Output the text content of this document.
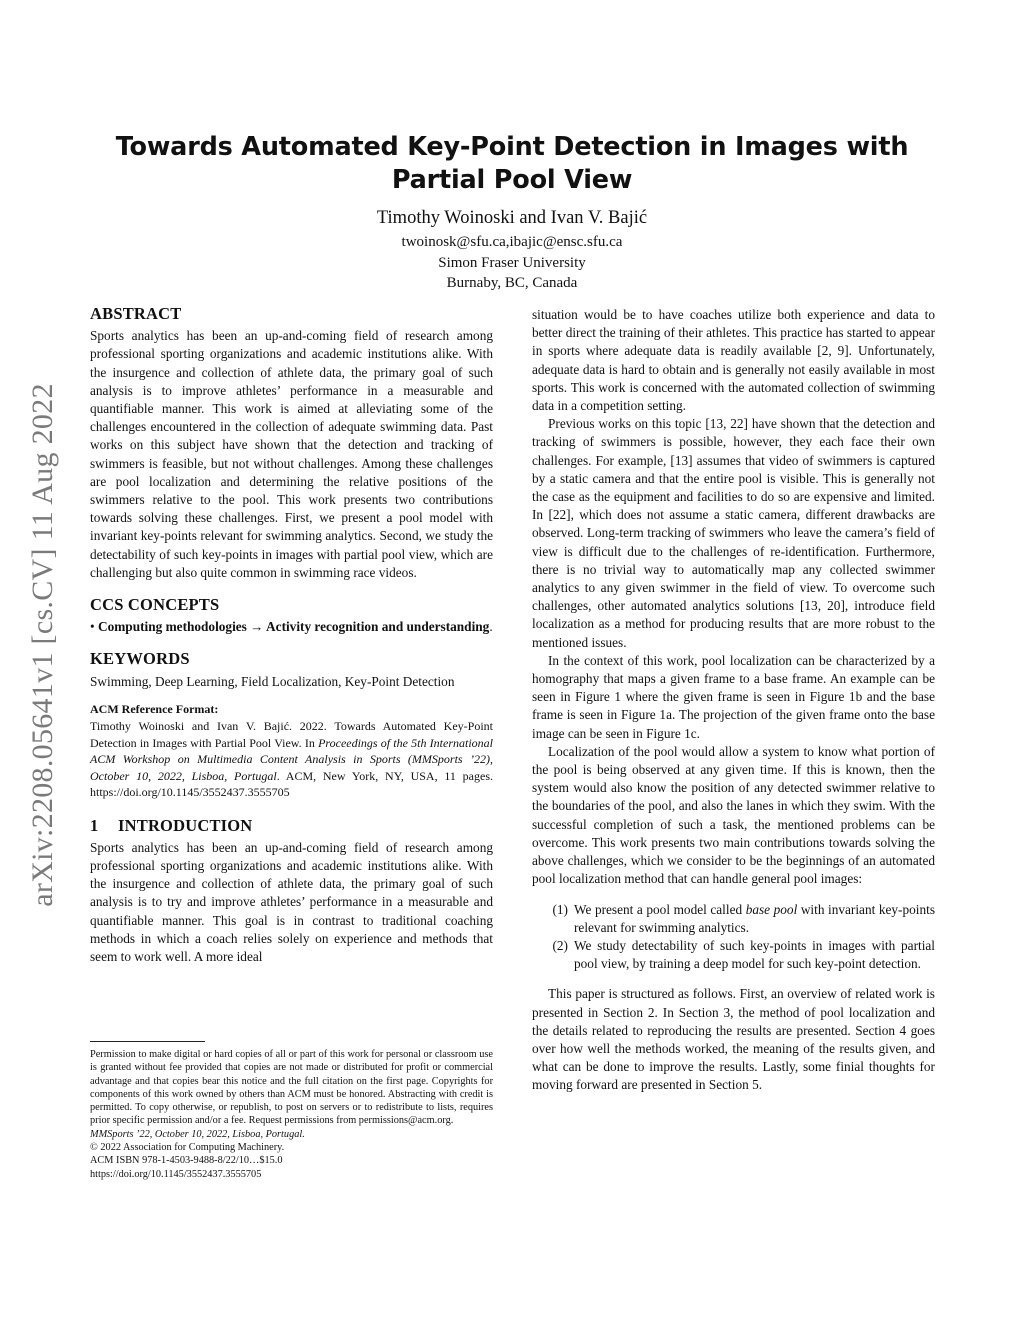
arXiv:2208.05641v1 [cs.CV] 11 Aug 2022
Towards Automated Key-Point Detection in Images with Partial Pool View
Timothy Woinoski and Ivan V. Bajić
twoinosk@sfu.ca,ibajic@ensc.sfu.ca
Simon Fraser University
Burnaby, BC, Canada
ABSTRACT

Sports analytics has been an up-and-coming field of research among professional sporting organizations and academic institutions alike. With the insurgence and collection of athlete data, the primary goal of such analysis is to improve athletes’ performance in a measurable and quantifiable manner. This work is aimed at alleviating some of the challenges encountered in the collection of adequate swimming data. Past works on this subject have shown that the detection and tracking of swimmers is feasible, but not without challenges. Among these challenges are pool localization and determining the relative positions of the swimmers relative to the pool. This work presents two contributions towards solving these challenges. First, we present a pool model with invariant key-points relevant for swimming analytics. Second, we study the detectability of such key-points in images with partial pool view, which are challenging but also quite common in swimming race videos.

CCS CONCEPTS

• Computing methodologies → Activity recognition and understanding.

KEYWORDS

Swimming, Deep Learning, Field Localization, Key-Point Detection

ACM Reference Format:

Timothy Woinoski and Ivan V. Bajić. 2022. Towards Automated Key-Point Detection in Images with Partial Pool View. In Proceedings of the 5th International ACM Workshop on Multimedia Content Analysis in Sports (MMSports ’22), October 10, 2022, Lisboa, Portugal. ACM, New York, NY, USA, 11 pages. https://doi.org/10.1145/3552437.3555705

1 INTRODUCTION

Sports analytics has been an up-and-coming field of research among professional sporting organizations and academic institutions alike. With the insurgence and collection of athlete data, the primary goal of such analysis is to try and improve athletes’ performance in a measurable and quantifiable manner. This goal is in contrast to traditional coaching methods in which a coach relies solely on experience and methods that seem to work well. A more ideal

Permission to make digital or hard copies of all or part of this work for personal or classroom use is granted without fee provided that copies are not made or distributed for profit or commercial advantage and that copies bear this notice and the full citation on the first page. Copyrights for components of this work owned by others than ACM must be honored. Abstracting with credit is permitted. To copy otherwise, or republish, to post on servers or to redistribute to lists, requires prior specific permission and/or a fee. Request permissions from permissions@acm.org.

MMSports ’22, October 10, 2022, Lisboa, Portugal.

© 2022 Association for Computing Machinery.

ACM ISBN 978-1-4503-9488-8/22/10…$15.0

https://doi.org/10.1145/3552437.3555705

situation would be to have coaches utilize both experience and data to better direct the training of their athletes. This practice has started to appear in sports where adequate data is readily available [2, 9]. Unfortunately, adequate data is hard to obtain and is generally not easily available in most sports. This work is concerned with the automated collection of swimming data in a competition setting.

Previous works on this topic [13, 22] have shown that the detection and tracking of swimmers is possible, however, they each face their own challenges. For example, [13] assumes that video of swimmers is captured by a static camera and that the entire pool is visible. This is generally not the case as the equipment and facilities to do so are expensive and limited. In [22], which does not assume a static camera, different drawbacks are observed. Long-term tracking of swimmers who leave the camera’s field of view is difficult due to the challenges of re-identification. Furthermore, there is no trivial way to automatically map any collected swimmer analytics to any given swimmer in the field of view. To overcome such challenges, other automated analytics solutions [13, 20], introduce field localization as a method for producing results that are more robust to the mentioned issues.

In the context of this work, pool localization can be characterized by a homography that maps a given frame to a base frame. An example can be seen in Figure 1 where the given frame is seen in Figure 1b and the base frame is seen in Figure 1a. The projection of the given frame onto the base image can be seen in Figure 1c.

Localization of the pool would allow a system to know what portion of the pool is being observed at any given time. If this is known, then the system would also know the position of any detected swimmer relative to the boundaries of the pool, and also the lanes in which they swim. With the successful completion of such a task, the mentioned problems can be overcome. This work presents two main contributions towards solving the above challenges, which we consider to be the beginnings of an automated pool localization method that can handle general pool images:

(1) We present a pool model called base pool with invariant key-points relevant for swimming analytics.
(2) We study detectability of such key-points in images with partial pool view, by training a deep model for such key-point detection.

This paper is structured as follows. First, an overview of related work is presented in Section 2. In Section 3, the method of pool localization and the details related to reproducing the results are presented. Section 4 goes over how well the methods worked, the meaning of the results given, and what can be done to improve the results. Lastly, some finial thoughts for moving forward are presented in Section 5.
